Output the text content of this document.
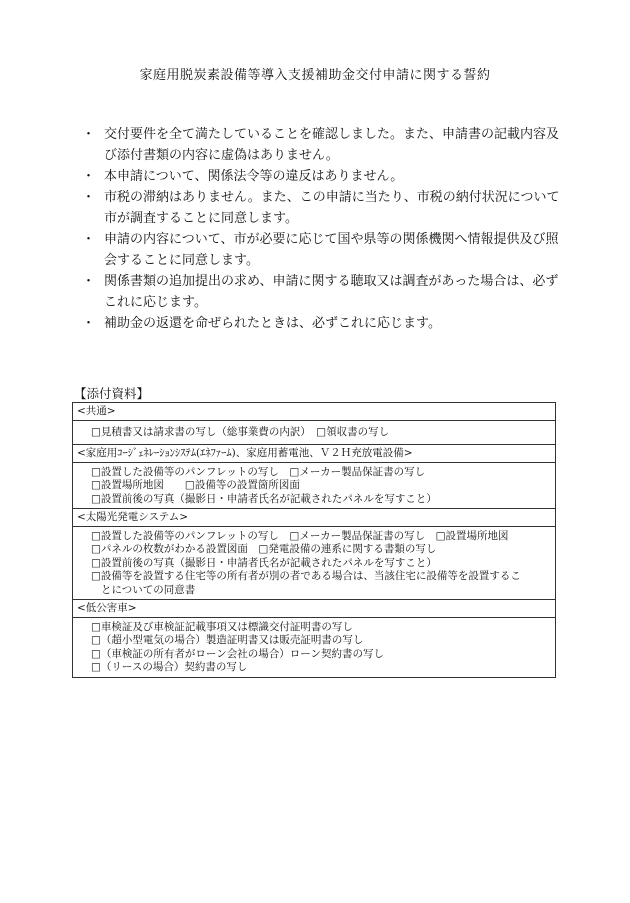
家庭用脱炭素設備等導入支援補助金交付申請に関する誓約
・ 交付要件を全て満たしていることを確認しました。また、申請書の記載内容及び添付書類の内容に虚偽はありません。
・ 本申請について、関係法令等の違反はありません。
・ 市税の滞納はありません。また、この申請に当たり、市税の納付状況について市が調査することに同意します。
・ 申請の内容について、市が必要に応じて国や県等の関係機関へ情報提供及び照会することに同意します。
・ 関係書類の追加提出の求め、申請に関する聴取又は調査があった場合は、必ずこれに応じます。
・ 補助金の返還を命ぜられたときは、必ずこれに応じます。
【添付資料】
<共通>
□見積書又は請求書の写し（総事業費の内訳）　□領収書の写し
<家庭用ｺｰｼﾞｪﾈﾚｰｼｮﾝｼｽﾃﾑ(ｴﾈﾌｧｰﾑ)、家庭用蓄電池、Ｖ２Ｈ充放電設備>
□設置した設備等のパンフレットの写し　□メーカー製品保証書の写し
□設置場所地図　　□設備等の設置箇所図面
□設置前後の写真（撮影日・申請者氏名が記載されたパネルを写すこと）
<太陽光発電システム>
□設置した設備等のパンフレットの写し　□メーカー製品保証書の写し　□設置場所地図
□パネルの枚数がわかる設置図面　□発電設備の連系に関する書類の写し
□設置前後の写真（撮影日・申請者氏名が記載されたパネルを写すこと）
□設備等を設置する住宅等の所有者が別の者である場合は、当該住宅に設備等を設置するこ
とについての同意書
<低公害車>
□車検証及び車検証記載事項又は標識交付証明書の写し
□（超小型電気の場合）製造証明書又は販売証明書の写し
□（車検証の所有者がローン会社の場合）ローン契約書の写し
□（リースの場合）契約書の写し
